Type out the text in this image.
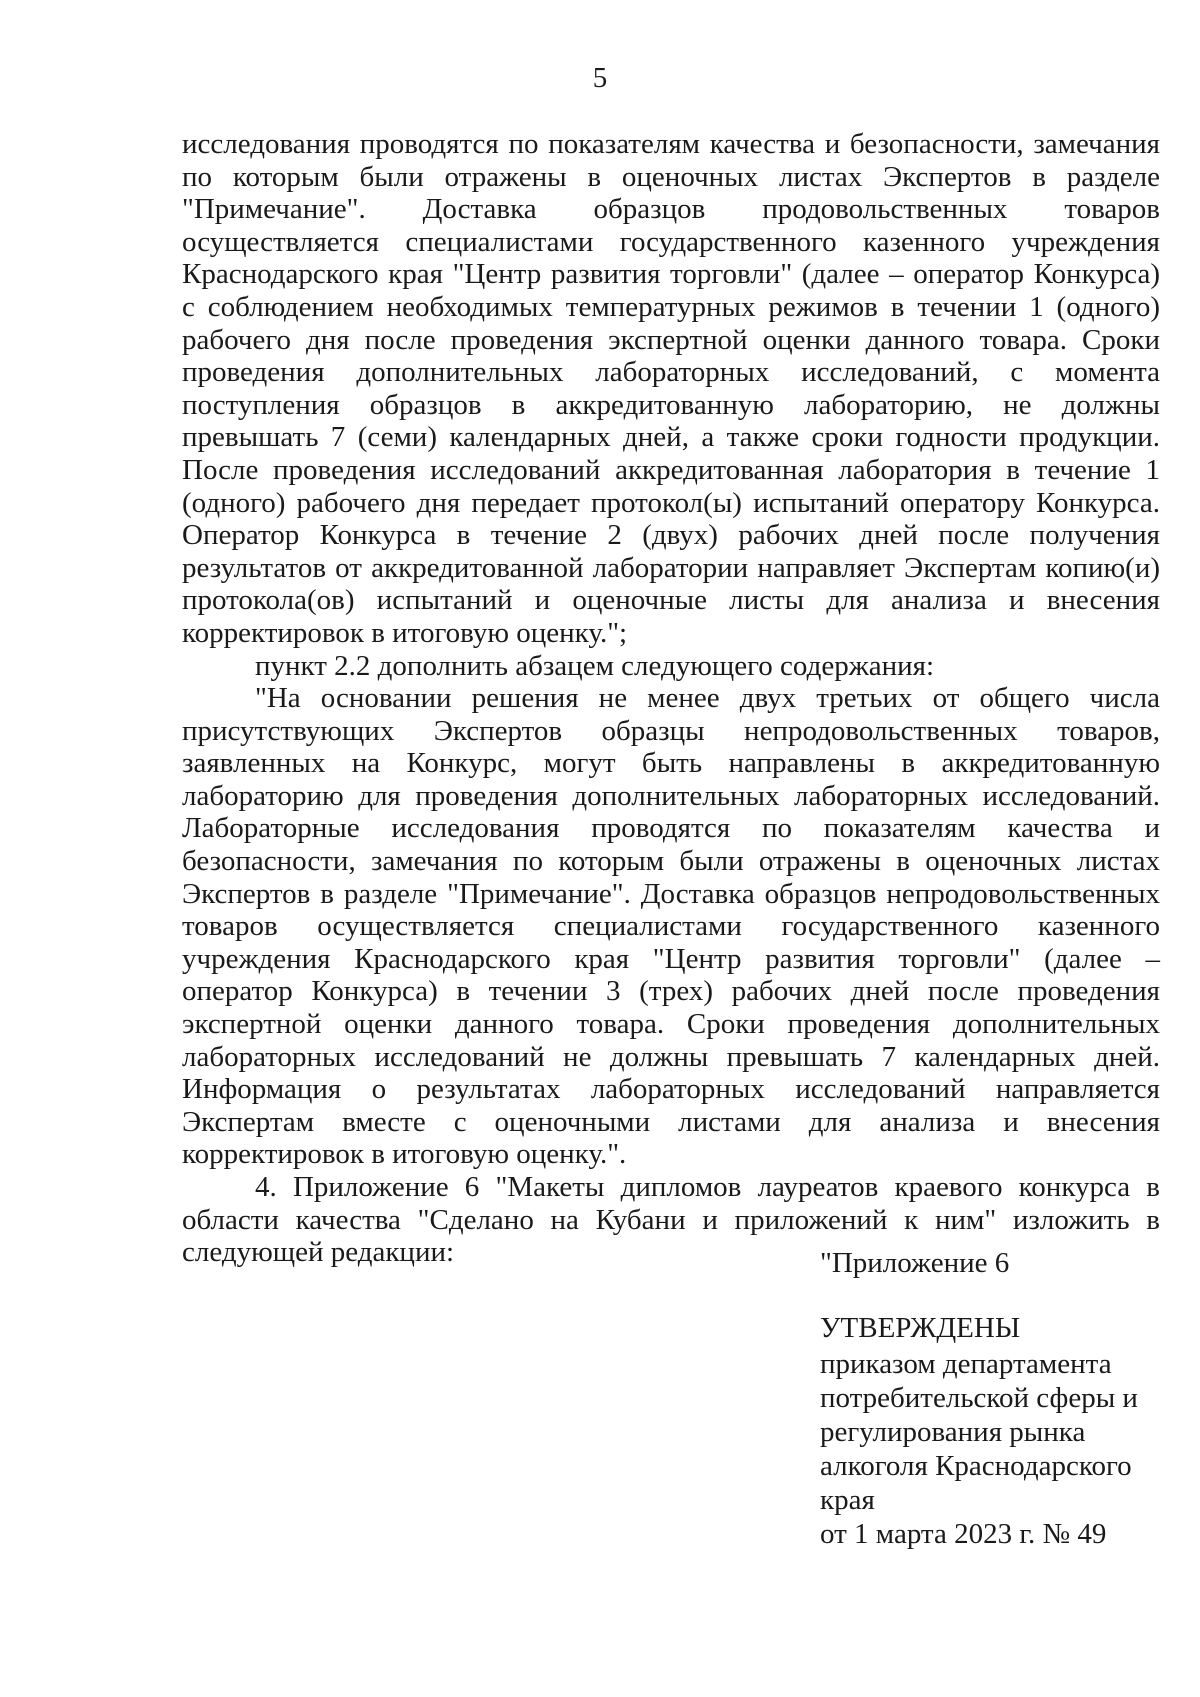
5

исследования проводятся по показателям качества и безопасности, замечания по которым были отражены в оценочных листах Экспертов в разделе "Примечание". Доставка образцов продовольственных товаров осуществляется специалистами государственного казенного учреждения Краснодарского края "Центр развития торговли" (далее – оператор Конкурса) с соблюдением необходимых температурных режимов в течении 1 (одного) рабочего дня после проведения экспертной оценки данного товара. Сроки проведения дополнительных лабораторных исследований, с момента поступления образцов в аккредитованную лабораторию, не должны превышать 7 (семи) календарных дней, а также сроки годности продукции. После проведения исследований аккредитованная лаборатория в течение 1 (одного) рабочего дня передает протокол(ы) испытаний оператору Конкурса. Оператор Конкурса в течение 2 (двух) рабочих дней после получения результатов от аккредитованной лаборатории направляет Экспертам копию(и) протокола(ов) испытаний и оценочные листы для анализа и внесения корректировок в итоговую оценку.";

пункт 2.2 дополнить абзацем следующего содержания:

"На основании решения не менее двух третьих от общего числа присутствующих Экспертов образцы непродовольственных товаров, заявленных на Конкурс, могут быть направлены в аккредитованную лабораторию для проведения дополнительных лабораторных исследований. Лабораторные исследования проводятся по показателям качества и безопасности, замечания по которым были отражены в оценочных листах Экспертов в разделе "Примечание". Доставка образцов непродовольственных товаров осуществляется специалистами государственного казенного учреждения Краснодарского края "Центр развития торговли" (далее – оператор Конкурса) в течении 3 (трех) рабочих дней после проведения экспертной оценки данного товара. Сроки проведения дополнительных лабораторных исследований не должны превышать 7 календарных дней. Информация о результатах лабораторных исследований направляется Экспертам вместе с оценочными листами для анализа и внесения корректировок в итоговую оценку.".

4. Приложение 6 "Макеты дипломов лауреатов краевого конкурса в области качества "Сделано на Кубани и приложений к ним" изложить в следующей редакции:	"Приложение 6
УТВЕРЖДЕНЫ
приказом департамента
потребительской сферы и
регулирования рынка
алкоголя Краснодарского
края
от 1 марта 2023 г. № 49
